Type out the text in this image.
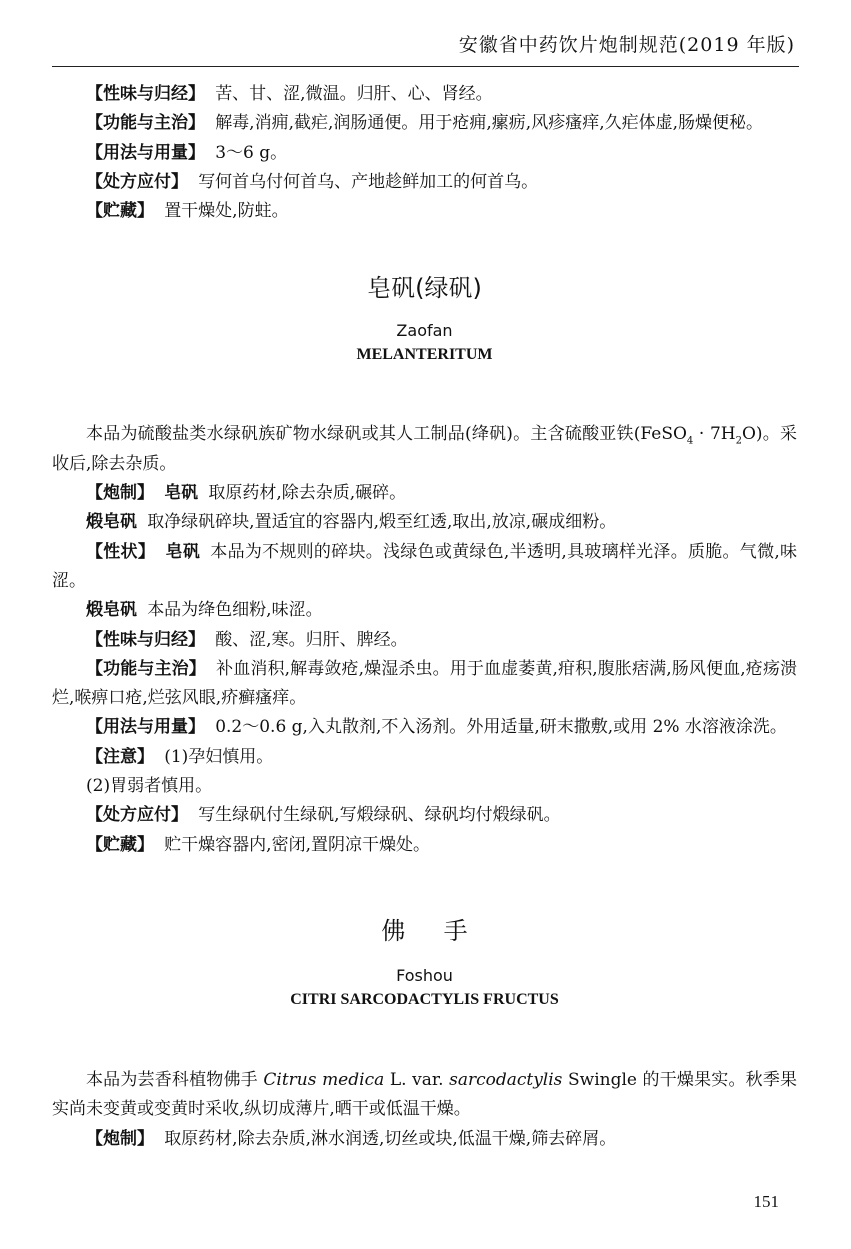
安徽省中药饮片炮制规范(2019 年版)

【性味与归经】 苦、甘、涩,微温。归肝、心、肾经。

【功能与主治】 解毒,消痈,截疟,润肠通便。用于疮痈,瘰疬,风疹瘙痒,久疟体虚,肠燥便秘。

【用法与用量】 3～6 g。

【处方应付】 写何首乌付何首乌、产地趁鲜加工的何首乌。

【贮藏】 置干燥处,防蛀。

皂矾(绿矾)

Zaofan

MELANTERITUM

本品为硫酸盐类水绿矾族矿物水绿矾或其人工制品(绛矾)。主含硫酸亚铁(FeSO$_4$ · $7H_2O$)。采收后,除去杂质。

【炮制】 皂矾 取原药材,除去杂质,碾碎。

煅皂矾 取净绿矾碎块,置适宜的容器内,煅至红透,取出,放凉,碾成细粉。

【性状】 皂矾 本品为不规则的碎块。浅绿色或黄绿色,半透明,具玻璃样光泽。质脆。气微,味涩。

煅皂矾 本品为绛色细粉,味涩。

【性味与归经】 酸、涩,寒。归肝、脾经。

【功能与主治】 补血消积,解毒敛疮,燥湿杀虫。用于血虚萎黄,疳积,腹胀痞满,肠风便血,疮疡溃烂,喉痹口疮,烂弦风眼,疥癣瘙痒。

【用法与用量】 0.2～0.6 g,入丸散剂,不入汤剂。外用适量,研末撒敷,或用 2% 水溶液涂洗。

【注意】 (1)孕妇慎用。

(2)胃弱者慎用。

【处方应付】 写生绿矾付生绿矾,写煅绿矾、绿矾均付煅绿矾。

【贮藏】 贮干燥容器内,密闭,置阴凉干燥处。

佛手

Foshou

CITRI SARCODACTYLIS FRUCTUS

本品为芸香科植物佛手 Citrus medica L. var. sarcodactylis Swingle 的干燥果实。秋季果实尚未变黄或变黄时采收,纵切成薄片,晒干或低温干燥。

【炮制】 取原药材,除去杂质,淋水润透,切丝或块,低温干燥,筛去碎屑。

151
